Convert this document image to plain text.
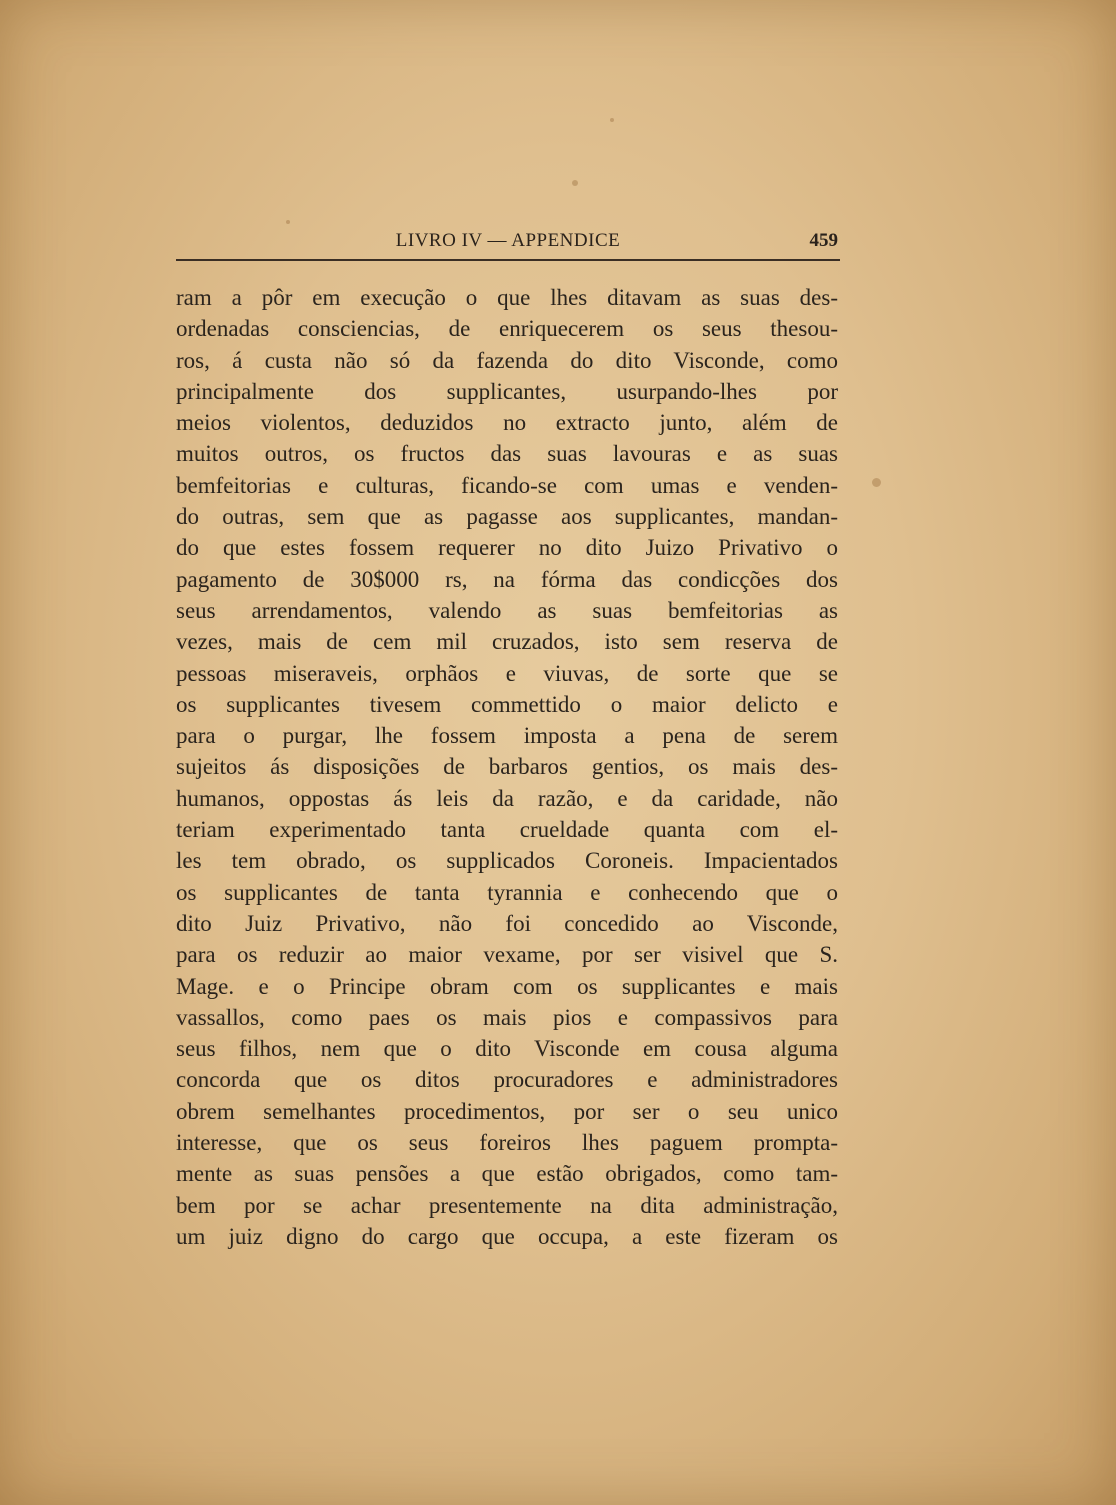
LIVRO IV — APPENDICE	459
ram a pôr em execução o que lhes ditavam as suas des-
ordenadas consciencias, de enriquecerem os seus thesou-
ros, á custa não só da fazenda do dito Visconde, como
principalmente dos supplicantes, usurpando-lhes por
meios violentos, deduzidos no extracto junto, além de
muitos outros, os fructos das suas lavouras e as suas
bemfeitorias e culturas, ficando-se com umas e venden-
do outras, sem que as pagasse aos supplicantes, mandan-
do que estes fossem requerer no dito Juizo Privativo o
pagamento de 30$000 rs, na fórma das condicções dos
seus arrendamentos, valendo as suas bemfeitorias as
vezes, mais de cem mil cruzados, isto sem reserva de
pessoas miseraveis, orphãos e viuvas, de sorte que se
os supplicantes tivesem commettido o maior delicto e
para o purgar, lhe fossem imposta a pena de serem
sujeitos ás disposições de barbaros gentios, os mais des-
humanos, oppostas ás leis da razão, e da caridade, não
teriam experimentado tanta crueldade quanta com el-
les tem obrado, os supplicados Coroneis. Impacientados
os supplicantes de tanta tyrannia e conhecendo que o
dito Juiz Privativo, não foi concedido ao Visconde,
para os reduzir ao maior vexame, por ser visivel que S.
Mage. e o Principe obram com os supplicantes e mais
vassallos, como paes os mais pios e compassivos para
seus filhos, nem que o dito Visconde em cousa alguma
concorda que os ditos procuradores e administradores
obrem semelhantes procedimentos, por ser o seu unico
interesse, que os seus foreiros lhes paguem prompta-
mente as suas pensões a que estão obrigados, como tam-
bem por se achar presentemente na dita administração,
um juiz digno do cargo que occupa, a este fizeram os
